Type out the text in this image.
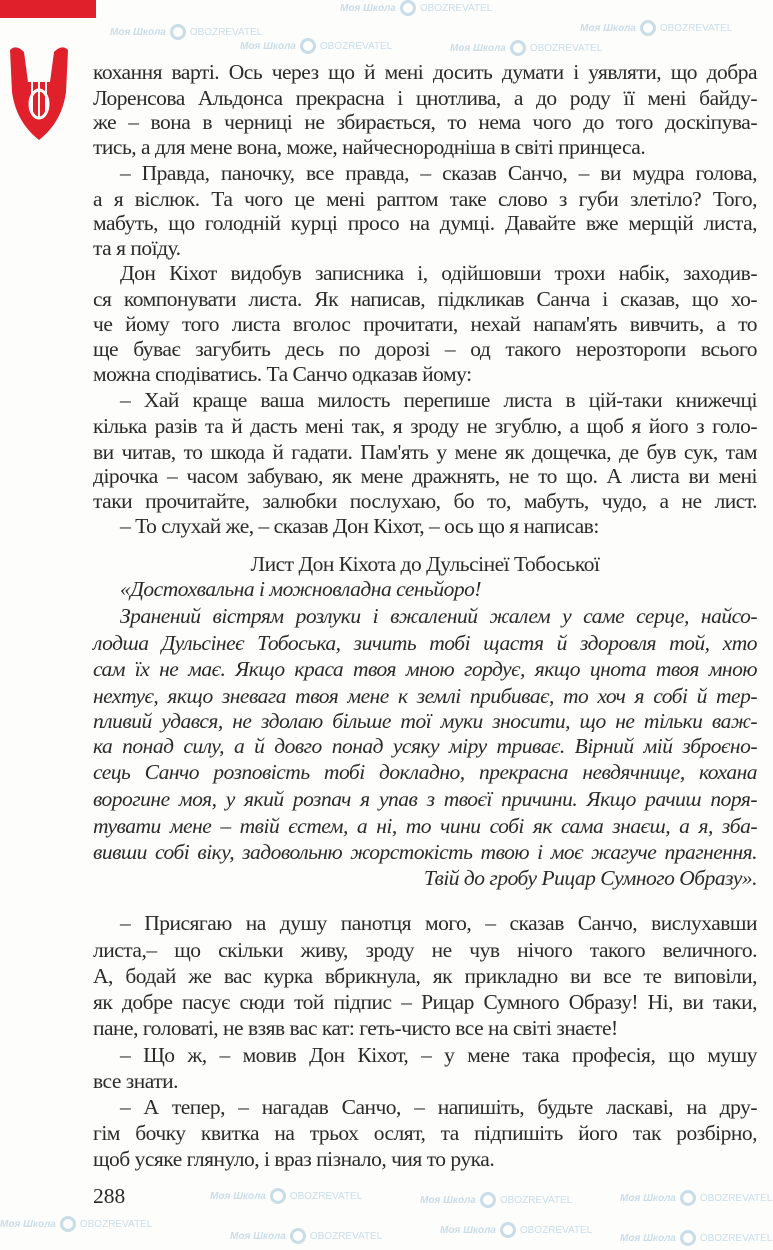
Моя Школа OBOZREVATEL
Моя Школа OBOZREVATEL	Моя Школа OBOZREVATEL
Моя Школа OBOZREVATEL	Моя Школа OBOZREVATEL
Моя Школа OBOZREVATEL	Моя Школа OBOZREVATEL	Моя Школа OBOZREVATEL
Моя Школа OBOZREVATEL
Моя Школа OBOZREVATEL
Моя Школа OBOZREVATEL
Моя Школа OBOZREVATEL
кохання варті. Ось через що й мені досить думати і уявляти, що добра
Лоренсова Альдонса прекрасна і цнотлива, а до роду її мені байду-
же – вона в черниці не збирається, то нема чого до того доскіпува-
тись, а для мене вона, може, найчеснородніша в світі принцеса.
– Правда, паночку, все правда, – сказав Санчо, – ви мудра голова,
а я віслюк. Та чого це мені раптом таке слово з губи злетіло? Того,
мабуть, що голодній курці просо на думці. Давайте вже мерщій листа,
та я поїду.
Дон Кіхот видобув записника і, одійшовши трохи набік, заходив-
ся компонувати листа. Як написав, підкликав Санча і сказав, що хо-
че йому того листа вголос прочитати, нехай напам'ять вивчить, а то
ще буває загубить десь по дорозі – од такого нерозторопи всього
можна сподіватись. Та Санчо одказав йому:
– Хай краще ваша милость перепише листа в цій-таки книжечці
кілька разів та й дасть мені так, я зроду не згублю, а щоб я його з голо-
ви читав, то шкода й гадати. Пам'ять у мене як дощечка, де був сук, там
дірочка – часом забуваю, як мене дражнять, не то що. А листа ви мені
таки прочитайте, залюбки послухаю, бо то, мабуть, чудо, а не лист.
– То слухай же, – сказав Дон Кіхот, – ось що я написав:
Лист Дон Кіхота до Дульсінеї Тобоської
«Достохвальна і можновладна сеньйоро!
Зранений вістрям розлуки і вжалений жалем у саме серце, найсо-
лодша Дульсінеє Тобоська, зичить тобі щастя й здоровля той, хто
сам їх не має. Якщо краса твоя мною гордує, якщо цнота твоя мною
нехтує, якщо зневага твоя мене к землі прибиває, то хоч я собі й тер-
пливий удався, не здолаю більше тої муки зносити, що не тільки важ-
ка понад силу, а й довго понад усяку міру триває. Вірний мій зброєно-
сець Санчо розповість тобі докладно, прекрасна невдячнице, кохана
ворогине моя, у який розпач я упав з твоєї причини. Якщо рачиш поря-
тувати мене – твій єстем, а ні, то чини собі як сама знаєш, а я, зба-
вивши собі віку, задовольню жорстокість твою і моє жагуче прагнення.
Твій до гробу Рицар Сумного Образу».
– Присягаю на душу панотця мого, – сказав Санчо, вислухавши
листа,– що скільки живу, зроду не чув нічого такого величного.
А, бодай же вас курка вбрикнула, як прикладно ви все те виповіли,
як добре пасує сюди той підпис – Рицар Сумного Образу! Ні, ви таки,
пане, головаті, не взяв вас кат: геть-чисто все на світі знаєте!
– Що ж, – мовив Дон Кіхот, – у мене така професія, що мушу
все знати.
– А тепер, – нагадав Санчо, – напишіть, будьте ласкаві, на дру-
гім бочку квитка на трьох ослят, та підпишіть його так розбірно,
щоб усяке глянуло, і враз пізнало, чия то рука.
288
